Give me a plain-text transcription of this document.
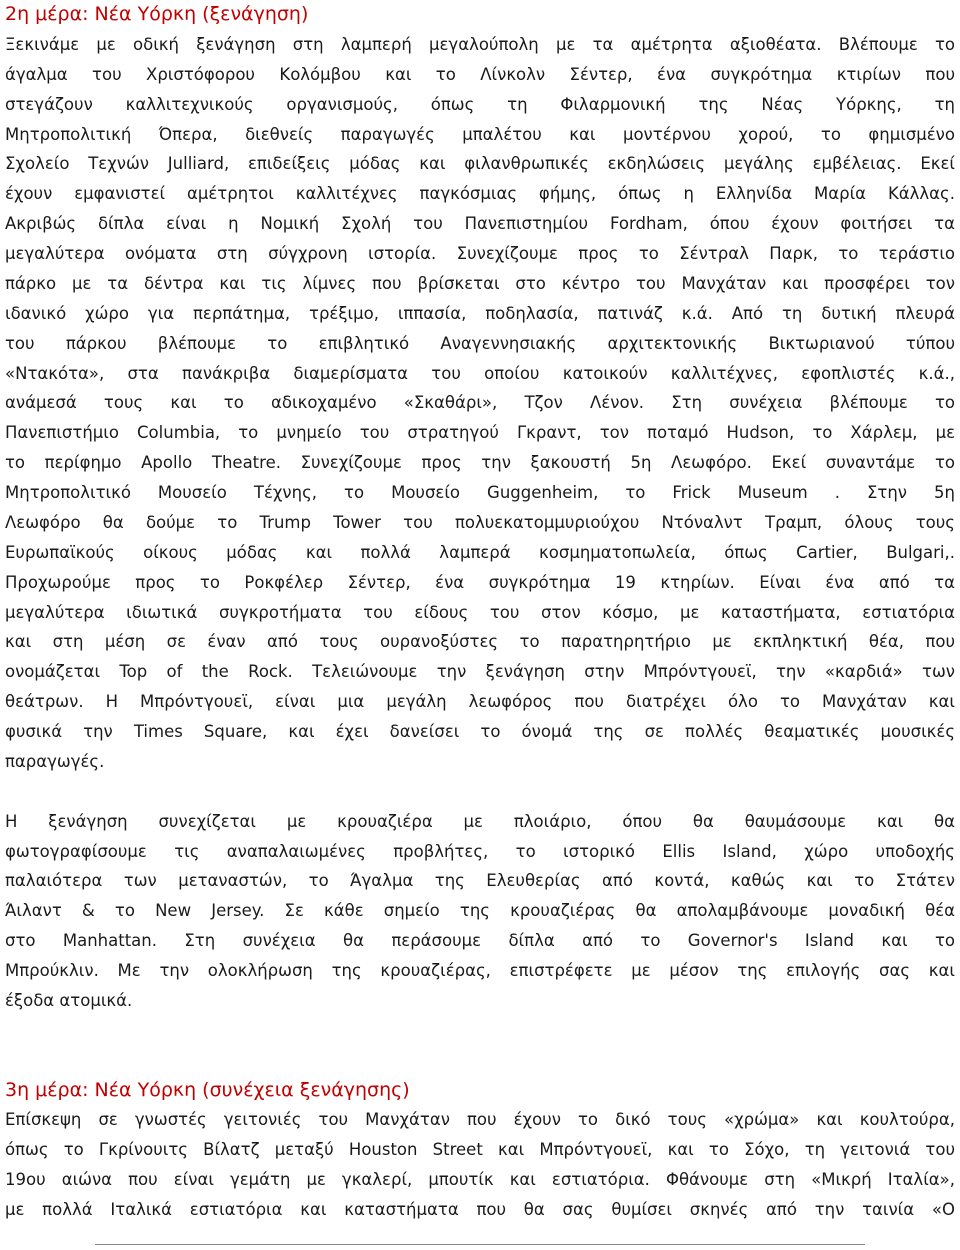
2η μέρα: Νέα Υόρκη (ξενάγηση)
Ξεκινάμε με οδική ξενάγηση στη λαμπερή μεγαλούπολη με τα αμέτρητα αξιοθέατα. Βλέπουμε το
άγαλμα του Χριστόφορου Κολόμβου και το Λίνκολν Σέντερ, ένα συγκρότημα κτιρίων που
στεγάζουν καλλιτεχνικούς οργανισμούς, όπως τη Φιλαρμονική της Νέας Υόρκης, τη
Μητροπολιτική Όπερα, διεθνείς παραγωγές μπαλέτου και μοντέρνου χορού, το φημισμένο
Σχολείο Τεχνών Julliard, επιδείξεις μόδας και φιλανθρωπικές εκδηλώσεις μεγάλης εμβέλειας. Εκεί
έχουν εμφανιστεί αμέτρητοι καλλιτέχνες παγκόσμιας φήμης, όπως η Ελληνίδα Μαρία Κάλλας.
Ακριβώς δίπλα είναι η Νομική Σχολή του Πανεπιστημίου Fordham, όπου έχουν φοιτήσει τα
μεγαλύτερα ονόματα στη σύγχρονη ιστορία. Συνεχίζουμε προς το Σέντραλ Παρκ, το τεράστιο
πάρκο με τα δέντρα και τις λίμνες που βρίσκεται στο κέντρο του Μανχάταν και προσφέρει τον
ιδανικό χώρο για περπάτημα, τρέξιμο, ιππασία, ποδηλασία, πατινάζ κ.ά. Από τη δυτική πλευρά
του πάρκου βλέπουμε το επιβλητικό Αναγεννησιακής αρχιτεκτονικής Βικτωριανού τύπου
«Ντακότα», στα πανάκριβα διαμερίσματα του οποίου κατοικούν καλλιτέχνες, εφοπλιστές κ.ά.,
ανάμεσά τους και το αδικοχαμένο «Σκαθάρι», Τζον Λένον. Στη συνέχεια βλέπουμε το
Πανεπιστήμιο Columbia, το μνημείο του στρατηγού Γκραντ, τον ποταμό Hudson, το Χάρλεμ, με
το περίφημο Apollo Theatre. Συνεχίζουμε προς την ξακουστή 5η Λεωφόρο. Εκεί συναντάμε το
Μητροπολιτικό Μουσείο Τέχνης, το Μουσείο Guggenheim, το Frick Museum . Στην 5η
Λεωφόρο θα δούμε το Trump Tower του πολυεκατομμυριούχου Ντόναλντ Τραμπ, όλους τους
Ευρωπαϊκούς οίκους μόδας και πολλά λαμπερά κοσμηματοπωλεία, όπως Cartier, Bulgari,.
Προχωρούμε προς το Ροκφέλερ Σέντερ, ένα συγκρότημα 19 κτηρίων. Είναι ένα από τα
μεγαλύτερα ιδιωτικά συγκροτήματα του είδους του στον κόσμο, με καταστήματα, εστιατόρια
και στη μέση σε έναν από τους ουρανοξύστες το παρατηρητήριο με εκπληκτική θέα, που
ονομάζεται Top of the Rock. Τελειώνουμε την ξενάγηση στην Μπρόντγουεϊ, την «καρδιά» των
θεάτρων. Η Μπρόντγουεϊ, είναι μια μεγάλη λεωφόρος που διατρέχει όλο το Μανχάταν και
φυσικά την Times Square, και έχει δανείσει το όνομά της σε πολλές θεαματικές μουσικές
παραγωγές.
Η ξενάγηση συνεχίζεται με κρουαζιέρα με πλοιάριο, όπου θα θαυμάσουμε και θα
φωτογραφίσουμε τις αναπαλαιωμένες προβλήτες, το ιστορικό Ellis Island, χώρο υποδοχής
παλαιότερα των μεταναστών, το Άγαλμα της Ελευθερίας από κοντά, καθώς και το Στάτεν
Άιλαντ & το New Jersey. Σε κάθε σημείο της κρουαζιέρας θα απολαμβάνουμε μοναδική θέα
στο Manhattan. Στη συνέχεια θα περάσουμε δίπλα από το Governor's Island και το
Μπρούκλιν. Με την ολοκλήρωση της κρουαζιέρας, επιστρέφετε με μέσον της επιλογής σας και
έξοδα ατομικά.
3η μέρα: Νέα Υόρκη (συνέχεια ξενάγησης)
Επίσκεψη σε γνωστές γειτονιές του Μανχάταν που έχουν το δικό τους «χρώμα» και κουλτούρα,
όπως το Γκρίνουιτς Βίλατζ μεταξύ Houston Street και Μπρόντγουεϊ, και το Σόχο, τη γειτονιά του
19ου αιώνα που είναι γεμάτη με γκαλερί, μπουτίκ και εστιατόρια. Φθάνουμε στη «Μικρή Ιταλία»,
με πολλά Ιταλικά εστιατόρια και καταστήματα που θα σας θυμίσει σκηνές από την ταινία «Ο
